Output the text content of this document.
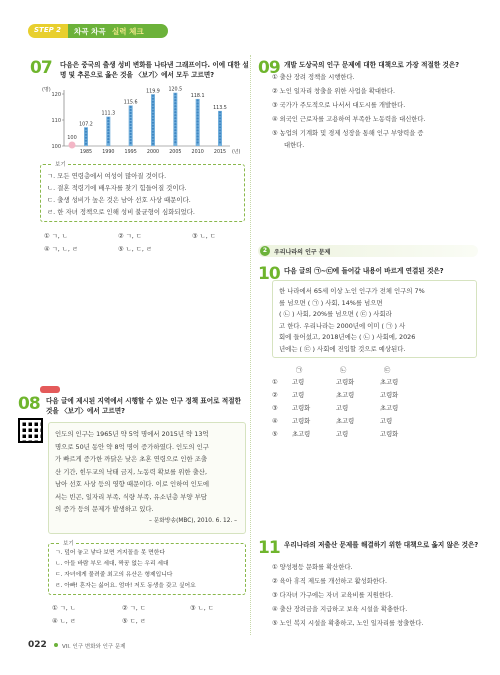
STEP 2 차곡 차곡 실력 체크
07 다음은 중국의 출생 성비 변화를 나타낸 그래프이다. 이에 대한 설명 및 추론으로 옳은 것을 〈보기〉에서 모두 고르면?
(명)
120
110
100
100
107.2
1985
111.3
1990
115.6
1995
119.9
2000
120.5
2005
118.1
2010
113.5
2015 (년)
보기
ㄱ. 모든 연령층에서 여성이 많아질 것이다.
ㄴ. 결혼 적령기에 배우자를 찾기 힘들어질 것이다.
ㄷ. 출생 성비가 높은 것은 남아 선호 사상 때문이다.
ㄹ. 한 자녀 정책으로 인해 성비 불균형이 심화되었다.
① ㄱ, ㄴ	② ㄱ, ㄷ	③ ㄴ, ㄷ
④ ㄱ, ㄴ, ㄹ	⑤ ㄴ, ㄷ, ㄹ
08 다음 글에 제시된 지역에서 시행할 수 있는 인구 정책 표어로 적절한 것을 〈보기〉에서 고르면?
인도의 인구는 1965년 약 5억 명에서 2015년 약 13억
명으로 50년 동안 약 8억 명이 증가하였다. 인도의 인구
가 빠르게 증가한 까닭은 낮은 초혼 연령으로 인한 조출
산 기간, 힌두교의 낙태 금지, 노동력 확보를 위한 출산,
남아 선호 사상 등의 영향 때문이다. 이로 인하여 인도에
서는 빈곤, 일자리 부족, 식량 부족, 유소년층 부양 부담
의 증가 등의 문제가 발생하고 있다.
– 문화방송(MBC), 2010. 6. 12. –
보기
ㄱ. 덮어 놓고 낳다 보면 거지꼴을 못 면한다
ㄴ. 아들 바람 부모 세대, 짝꿍 없는 우리 세대
ㄷ. 자녀에게 물려줄 최고의 유산은 형제입니다
ㄹ. 아빠! 혼자는 싫어요. 엄마! 저도 동생을 갖고 싶어요
① ㄱ, ㄴ	② ㄱ, ㄷ	③ ㄴ, ㄷ
④ ㄴ, ㄹ	⑤ ㄷ, ㄹ
09 개발 도상국의 인구 문제에 대한 대책으로 가장 적절한 것은?
① 출산 장려 정책을 시행한다.
② 노인 일자리 창출을 위한 사업을 확대한다.
③ 국가가 주도적으로 나서서 대도시를 개발한다.
④ 외국인 근로자를 고용하여 부족한 노동력을 대신한다.
⑤ 농업의 기계화 및 경제 성장을 통해 인구 부양력을 증
대한다.
2	우리나라의 인구 문제
10 다음 글의 ㉠~㉢에 들어갈 내용이 바르게 연결된 것은?
한 나라에서 65세 이상 노인 인구가 전체 인구의 7%
를 넘으면 ( ㉠ ) 사회, 14%를 넘으면
( ㉡ ) 사회, 20%를 넘으면 ( ㉢ ) 사회라
고 한다. 우리나라는 2000년에 이미 ( ㉠ ) 사
회에 들어섰고, 2018년에는 ( ㉡ ) 사회에, 2026
년에는 ( ㉢ ) 사회에 진입할 것으로 예상된다.
㉠	㉡	㉢
① 고령	고령화	초고령
② 고령	초고령	고령화
③ 고령화	고령	초고령
④ 고령화	초고령	고령
⑤ 초고령	고령	고령화
11 우리나라의 저출산 문제를 해결하기 위한 대책으로 옳지 않은 것은?
① 양성평등 문화를 확산한다.
② 육아 휴직 제도를 개선하고 활성화한다.
③ 다자녀 가구에는 자녀 교육비를 지원한다.
④ 출산 장려금을 지급하고 보육 시설을 확충한다.
⑤ 노인 복지 시설을 확충하고, 노인 일자리를 창출한다.
022	VII. 인구 변화와 인구 문제
